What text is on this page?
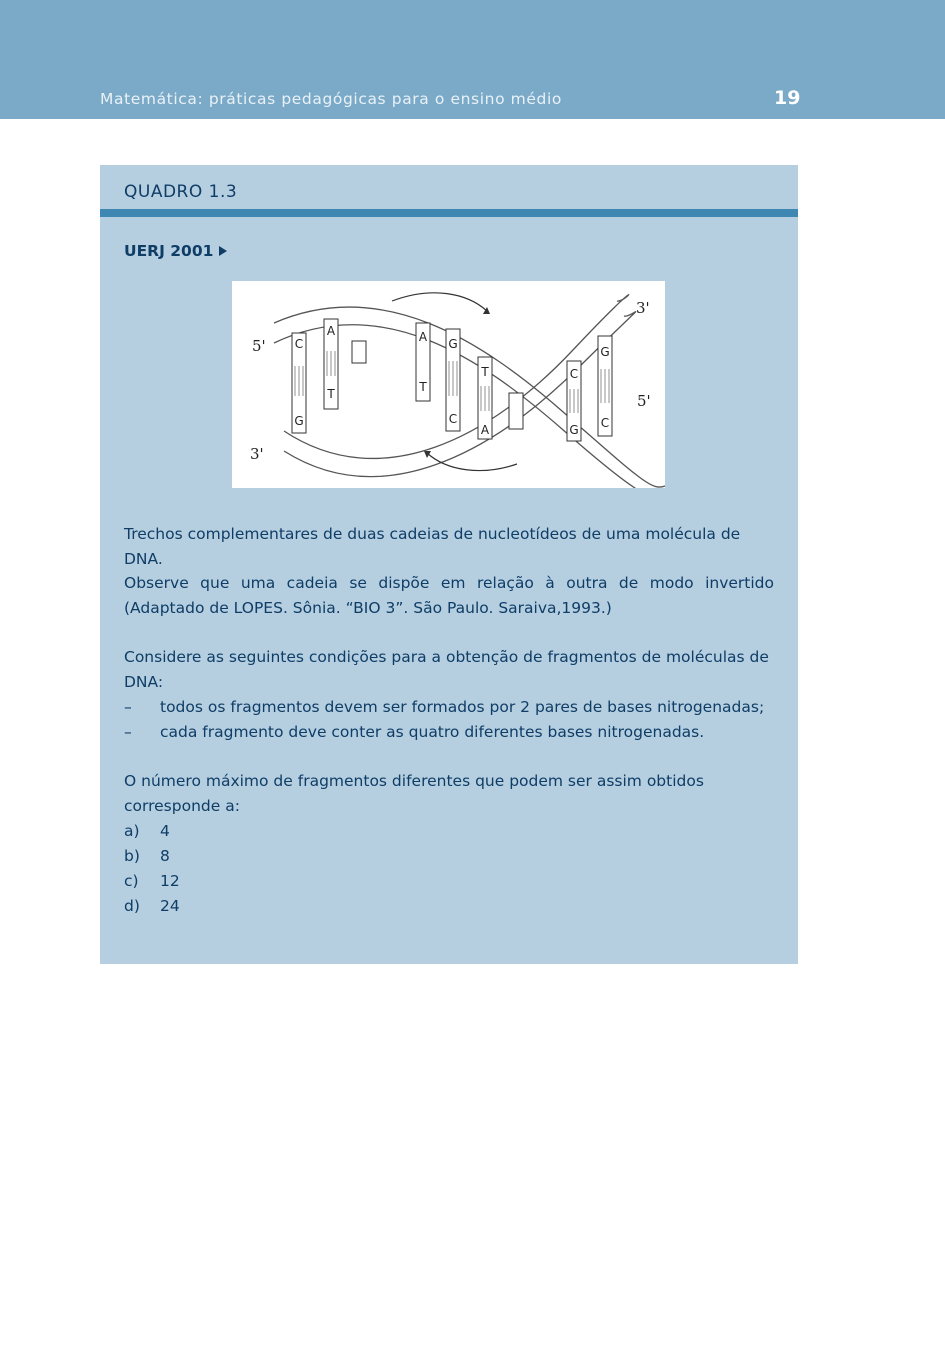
Matemática: práticas pedagógicas para o ensino médio	19
QUADRO 1.3
UERJ 2001
5'
3'
3'
5'
C
G
A
T
A
T
G
C
T
A
C
G
G
C
Trechos complementares de duas cadeias de nucleotídeos de uma molécula de DNA.
Observe que uma cadeia se dispõe em relação à outra de modo invertido
(Adaptado de LOPES. Sônia. “BIO 3”. São Paulo. Saraiva,1993.)
Considere as seguintes condições para a obtenção de fragmentos de moléculas de DNA:
– todos os fragmentos devem ser formados por 2 pares de bases nitrogenadas;
– cada fragmento deve conter as quatro diferentes bases nitrogenadas.
O número máximo de fragmentos diferentes que podem ser assim obtidos corresponde a:
a) 4
b) 8
c) 12
d) 24
